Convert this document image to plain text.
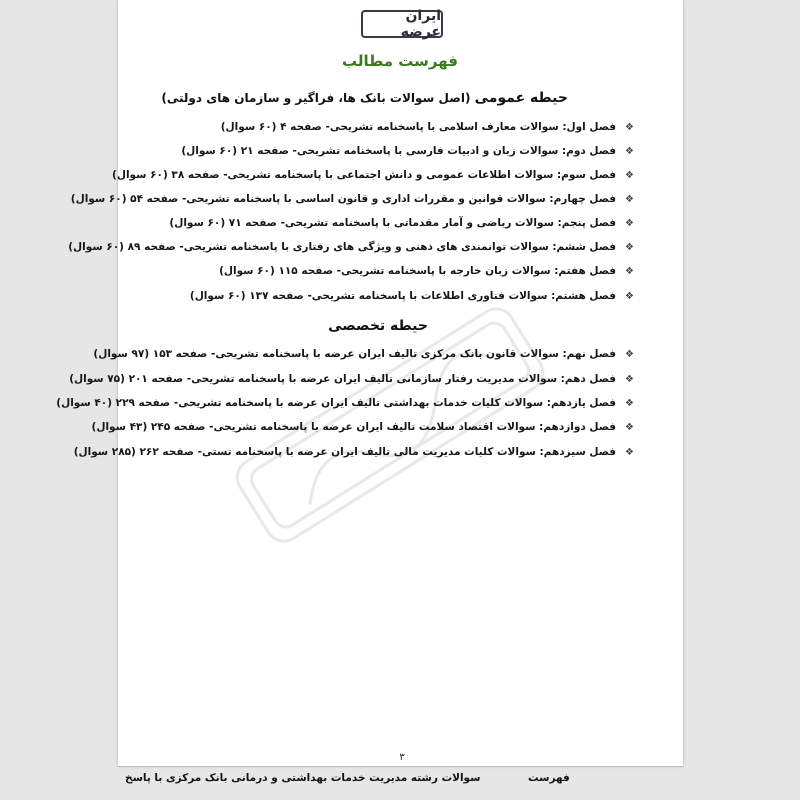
ایران عرضه
فهرست مطالب
حیطه عمومی (اصل سوالات بانک ها، فراگیر و سازمان های دولتی)
❖
فصل اول: سوالات معارف اسلامی با پاسخنامه تشریحی- صفحه ۴ (۶۰ سوال)
❖
فصل دوم: سوالات زبان و ادبیات فارسی با پاسخنامه تشریحی- صفحه ۲۱ (۶۰ سوال)
❖
فصل سوم: سوالات اطلاعات عمومی و دانش اجتماعی با پاسخنامه تشریحی- صفحه ۳۸ (۶۰ سوال)
❖
فصل چهارم: سوالات قوانین و مقررات اداری و قانون اساسی با پاسخنامه تشریحی- صفحه ۵۴ (۶۰ سوال)
❖
فصل پنجم: سوالات ریاضی و آمار مقدماتی با پاسخنامه تشریحی- صفحه ۷۱ (۶۰ سوال)
❖
فصل ششم: سوالات توانمندی های ذهنی و ویژگی های رفتاری با پاسخنامه تشریحی- صفحه ۸۹ (۶۰ سوال)
❖
فصل هفتم: سوالات زبان خارجه با پاسخنامه تشریحی- صفحه ۱۱۵ (۶۰ سوال)
❖
فصل هشتم: سوالات فناوری اطلاعات با پاسخنامه تشریحی- صفحه ۱۳۷ (۶۰ سوال)
حیطه تخصصی
❖
فصل نهم: سوالات قانون بانک مرکزی تالیف ایران عرضه با پاسخنامه تشریحی- صفحه ۱۵۳ (۹۷ سوال)
❖
فصل دهم: سوالات مدیریت رفتار سازمانی تالیف ایران عرضه با پاسخنامه تشریحی- صفحه ۲۰۱ (۷۵ سوال)
❖
فصل یازدهم: سوالات کلیات خدمات بهداشتی تالیف ایران عرضه با پاسخنامه تشریحی- صفحه ۲۲۹ (۴۰ سوال)
❖
فصل دوازدهم: سوالات اقتصاد سلامت تالیف ایران عرضه با پاسخنامه تشریحی- صفحه ۲۴۵ (۴۳ سوال)
❖
فصل سیزدهم: سوالات کلیات مدیریت مالی تالیف ایران عرضه با پاسخنامه تستی- صفحه ۲۶۲ (۲۸۵ سوال)
۳
سوالات رشته مدیریت خدمات بهداشتی و درمانی بانک مرکزی با پاسخ	فهرست
